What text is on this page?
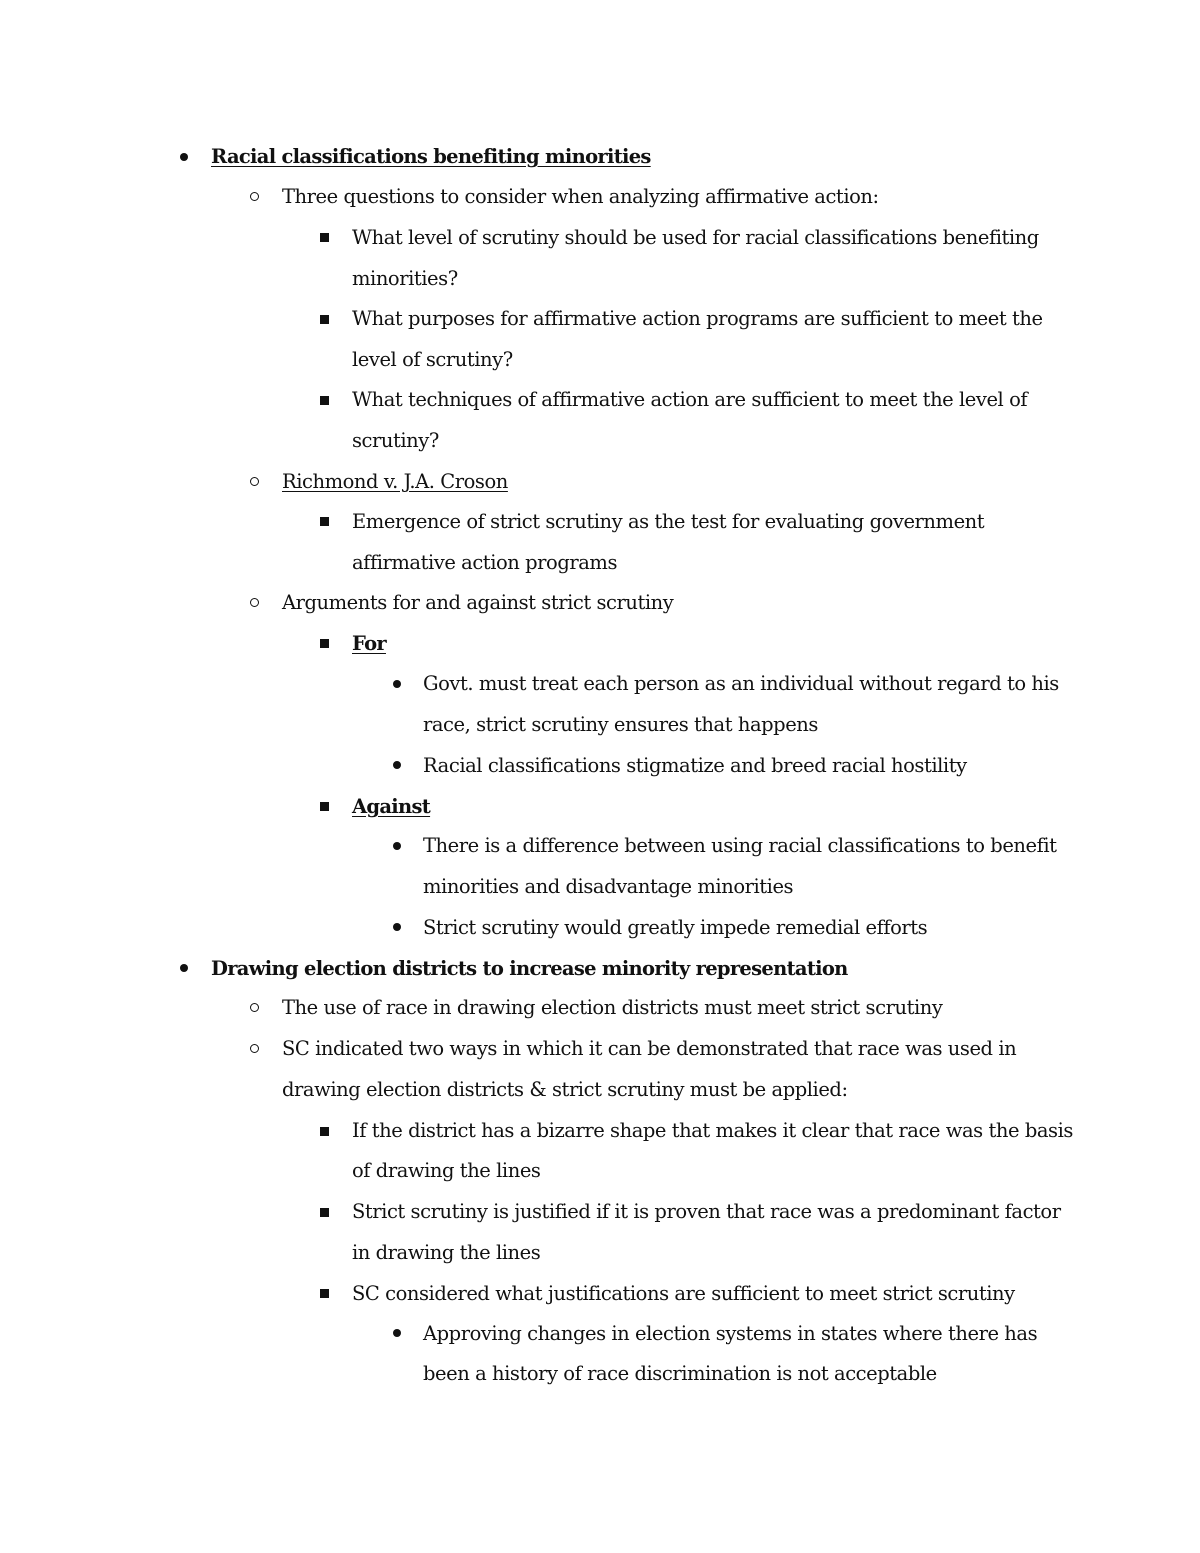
Racial classifications benefiting minorities
Three questions to consider when analyzing affirmative action:
What level of scrutiny should be used for racial classifications benefiting
minorities?
What purposes for affirmative action programs are sufficient to meet the
level of scrutiny?
What techniques of affirmative action are sufficient to meet the level of
scrutiny?
Richmond v. J.A. Croson
Emergence of strict scrutiny as the test for evaluating government
affirmative action programs
Arguments for and against strict scrutiny
For
Govt. must treat each person as an individual without regard to his
race, strict scrutiny ensures that happens
Racial classifications stigmatize and breed racial hostility
Against
There is a difference between using racial classifications to benefit
minorities and disadvantage minorities
Strict scrutiny would greatly impede remedial efforts
Drawing election districts to increase minority representation
The use of race in drawing election districts must meet strict scrutiny
SC indicated two ways in which it can be demonstrated that race was used in
drawing election districts & strict scrutiny must be applied:
If the district has a bizarre shape that makes it clear that race was the basis
of drawing the lines
Strict scrutiny is justified if it is proven that race was a predominant factor
in drawing the lines
SC considered what justifications are sufficient to meet strict scrutiny
Approving changes in election systems in states where there has
been a history of race discrimination is not acceptable
